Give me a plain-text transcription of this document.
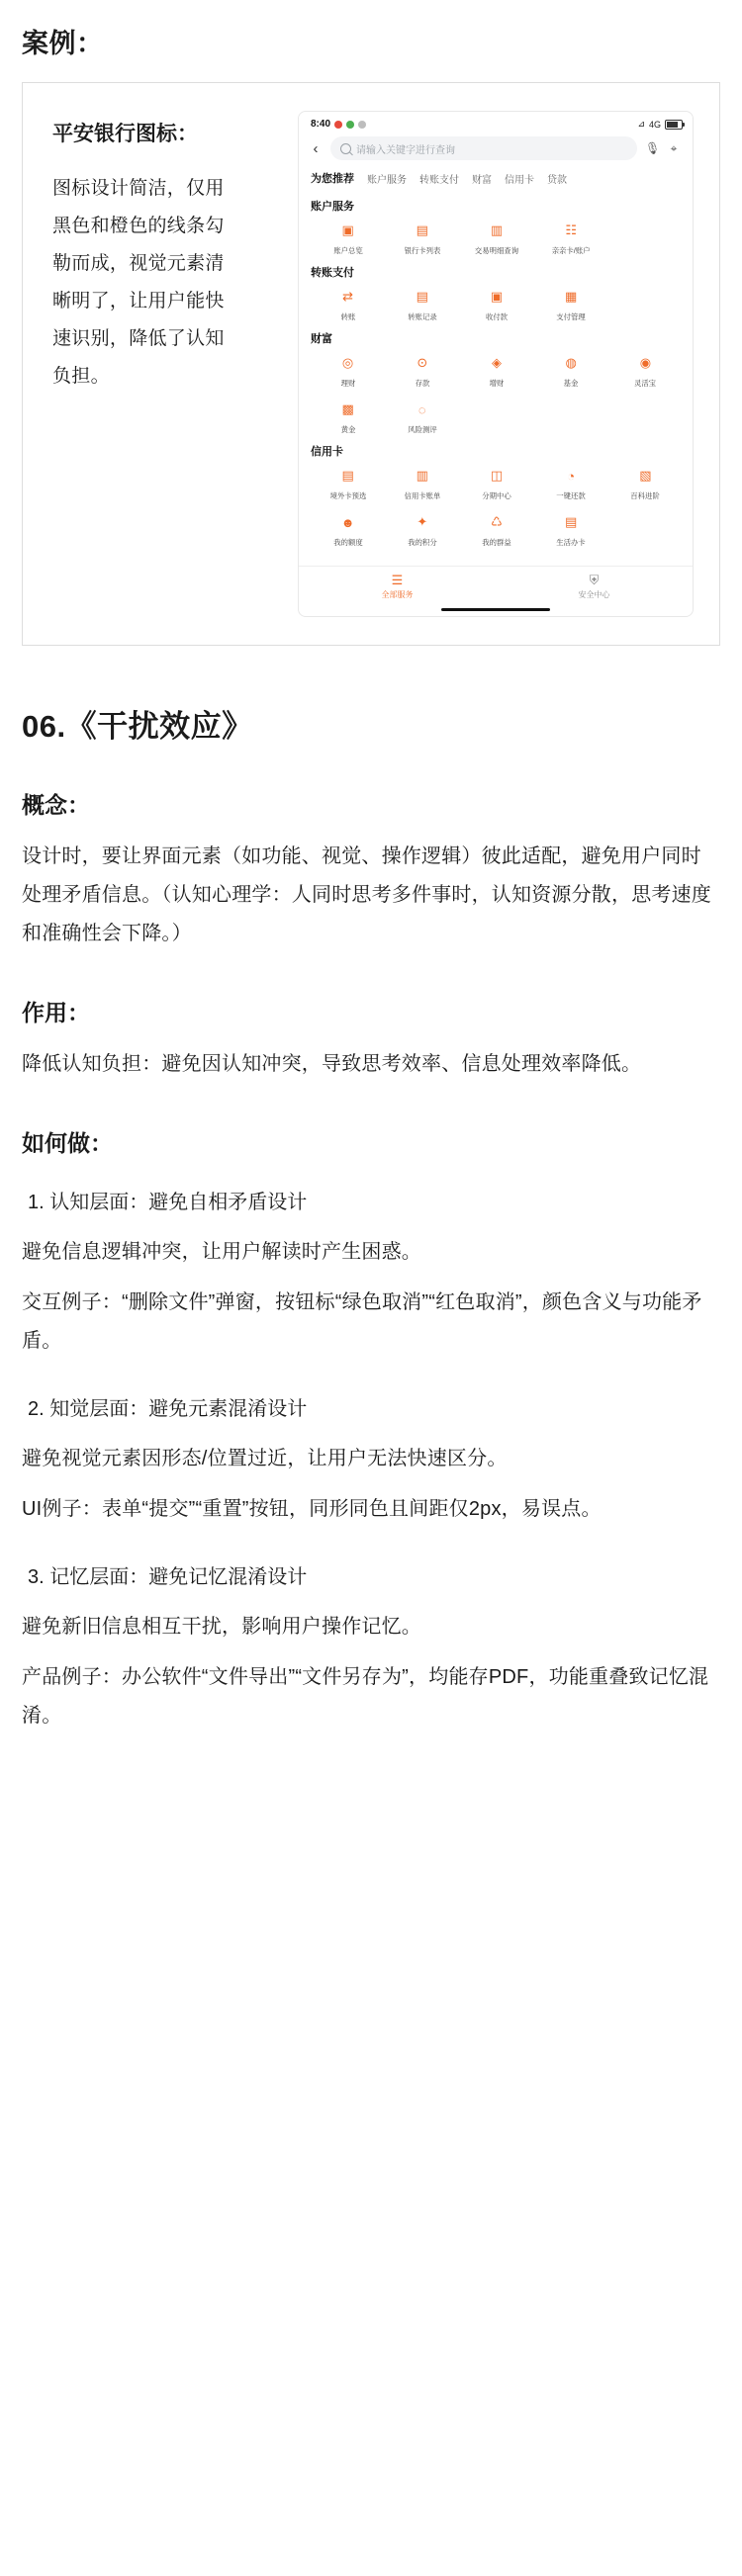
案例：
平安银行图标：
图标设计简洁，仅用黑色和橙色的线条勾勒而成，视觉元素清晰明了，让用户能快速识别，降低了认知负担。
8:40	⊿ 4G
‹	请输入关键字进行查询	🎙 ⌖
为您推荐 账户服务 转账支付 财富 信用卡 贷款
账户服务
▣
账户总览
▤
银行卡列表
▥
交易明细查询
☷
亲亲卡/账户
转账支付
⇄
转账
▤
转账记录
▣
收付款
▦
支付管理
财富
◎
理财
⊙
存款
◈
增财
◍
基金
◉
灵活宝
▩
黄金
◌
风险测评
信用卡
▤
境外卡预选
▥
信用卡账单
◫
分期中心
◔
一键还款
▧
百科进阶
☻
我的额度
✦
我的积分
♺
我的群益
▤
生活办卡
☰
全部服务
⛨
安全中心
06.《干扰效应》
概念：
设计时，要让界面元素（如功能、视觉、操作逻辑）彼此适配，避免用户同时处理矛盾信息。（认知心理学：人同时思考多件事时，认知资源分散，思考速度和准确性会下降。）
作用：
降低认知负担：避免因认知冲突，导致思考效率、信息处理效率降低。
如何做：
1. 认知层面：避免自相矛盾设计
避免信息逻辑冲突，让用户解读时产生困惑。
交互例子：“删除文件”弹窗，按钮标“绿色取消”“红色取消”，颜色含义与功能矛盾。
2. 知觉层面：避免元素混淆设计
避免视觉元素因形态/位置过近，让用户无法快速区分。
UI例子：表单“提交”“重置”按钮，同形同色且间距仅2px，易误点。
3. 记忆层面：避免记忆混淆设计
避免新旧信息相互干扰，影响用户操作记忆。
产品例子：办公软件“文件导出”“文件另存为”，均能存PDF，功能重叠致记忆混淆。
